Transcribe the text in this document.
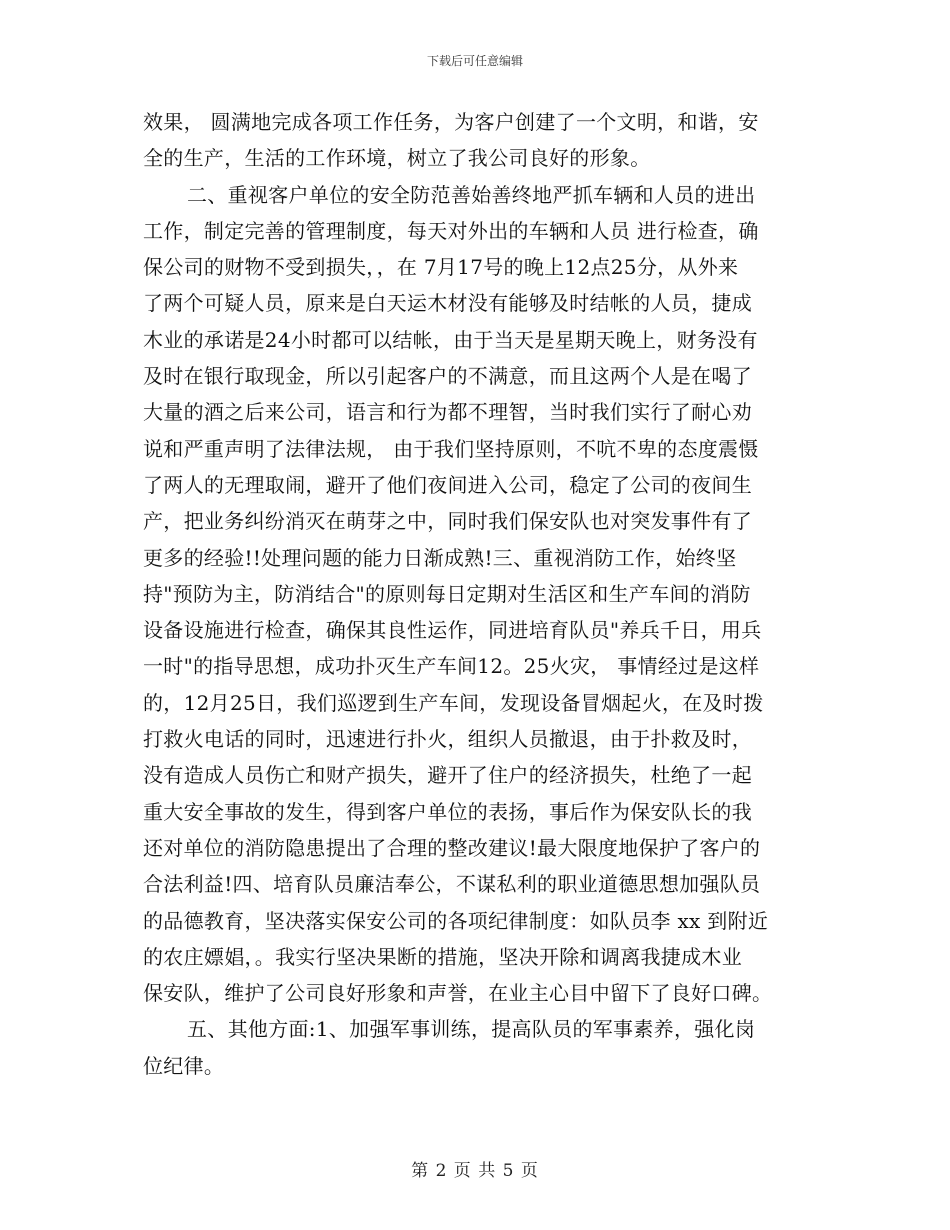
下载后可任意编辑
效果， 圆满地完成各项工作任务，为客户创建了一个文明，和谐，安
全的生产，生活的工作环境，树立了我公司良好的形象。
二、重视客户单位的安全防范善始善终地严抓车辆和人员的进出
工作，制定完善的管理制度，每天对外出的车辆和人员 进行检查，确
保公司的财物不受到损失，，在 7月17号的晚上12点25分，从外来
了两个可疑人员，原来是白天运木材没有能够及时结帐的人员，捷成
木业的承诺是24小时都可以结帐，由于当天是星期天晚上，财务没有
及时在银行取现金，所以引起客户的不满意，而且这两个人是在喝了
大量的酒之后来公司，语言和行为都不理智，当时我们实行了耐心劝
说和严重声明了法律法规， 由于我们坚持原则，不吭不卑的态度震慑
了两人的无理取闹，避开了他们夜间进入公司，稳定了公司的夜间生
产，把业务纠纷消灭在萌芽之中，同时我们保安队也对突发事件有了
更多的经验!!处理问题的能力日渐成熟!三、重视消防工作，始终坚
持"预防为主，防消结合"的原则每日定期对生活区和生产车间的消防
设备设施进行检查，确保其良性运作，同进培育队员"养兵千日，用兵
一时"的指导思想，成功扑灭生产车间12。25火灾， 事情经过是这样
的，12月25日，我们巡逻到生产车间，发现设备冒烟起火，在及时拨
打救火电话的同时，迅速进行扑火，组织人员撤退，由于扑救及时，
没有造成人员伤亡和财产损失，避开了住户的经济损失，杜绝了一起
重大安全事故的发生，得到客户单位的表扬，事后作为保安队长的我
还对单位的消防隐患提出了合理的整改建议!最大限度地保护了客户的
合法利益!四、培育队员廉洁奉公，不谋私利的职业道德思想加强队员
的品德教育，坚决落实保安公司的各项纪律制度：如队员李 xx 到附近
的农庄嫖娼，。我实行坚决果断的措施，坚决开除和调离我捷成木业
保安队，维护了公司良好形象和声誉，在业主心目中留下了良好口碑。
五、其他方面:1、加强军事训练，提高队员的军事素养，强化岗
位纪律。
第 2 页 共 5 页
